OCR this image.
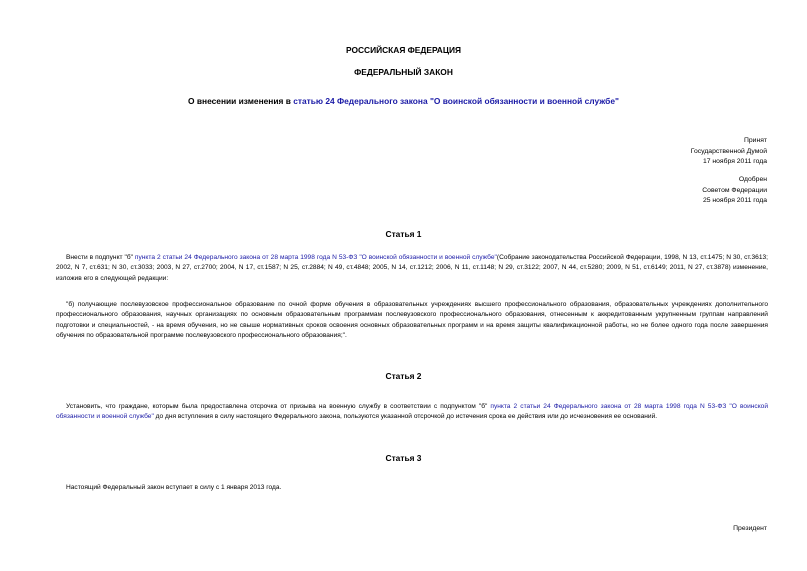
РОССИЙСКАЯ ФЕДЕРАЦИЯ
ФЕДЕРАЛЬНЫЙ ЗАКОН
О внесении изменения в статью 24 Федерального закона "О воинской обязанности и военной службе"
Принят
Государственной Думой
17 ноября 2011 года
Одобрен
Советом Федерации
25 ноября 2011 года
Статья 1
Внести в подпункт "б" пункта 2 статьи 24 Федерального закона от 28 марта 1998 года N 53-ФЗ "О воинской обязанности и военной службе"(Собрание законодательства Российской Федерации, 1998, N 13, ст.1475; N 30, ст.3613; 2002, N 7, ст.631; N 30, ст.3033; 2003, N 27, ст.2700; 2004, N 17, ст.1587; N 25, ст.2884; N 49, ст.4848; 2005, N 14, ст.1212; 2006, N 11, ст.1148; N 29, ст.3122; 2007, N 44, ст.5280; 2009, N 51, ст.6149; 2011, N 27, ст.3878) изменение, изложив его в следующей редакции:
"б) получающие послевузовское профессиональное образование по очной форме обучения в образовательных учреждениях высшего профессионального образования, образовательных учреждениях дополнительного профессионального образования, научных организациях по основным образовательным программам послевузовского профессионального образования, отнесенным к аккредитованным укрупненным группам направлений подготовки и специальностей, - на время обучения, но не свыше нормативных сроков освоения основных образовательных программ и на время защиты квалификационной работы, но не более одного года после завершения обучения по образовательной программе послевузовского профессионального образования;".
Статья 2
Установить, что граждане, которым была предоставлена отсрочка от призыва на военную службу в соответствии с подпунктом "б" пункта 2 статьи 24 Федерального закона от 28 марта 1998 года N 53-ФЗ "О воинской обязанности и военной службе" до дня вступления в силу настоящего Федерального закона, пользуются указанной отсрочкой до истечения срока ее действия или до исчезновения ее оснований.
Статья 3
Настоящий Федеральный закон вступает в силу с 1 января 2013 года.
Президент
